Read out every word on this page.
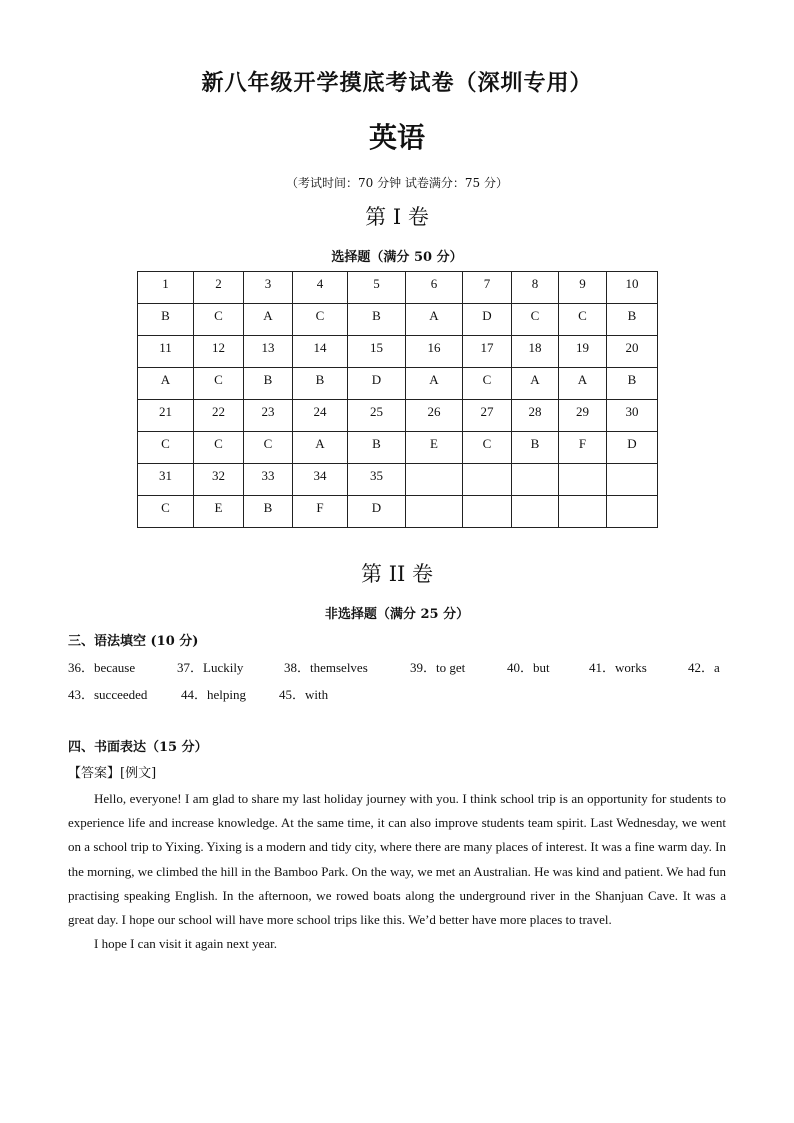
新八年级开学摸底考试卷（深圳专用）
英语
（考试时间：70 分钟 试卷满分：75 分）
第 I 卷
选择题（满分 50 分）
1	2	3	4	5	6	7	8	9	10
B	C	A	C	B	A	D	C	C	B
11	12	13	14	15	16	17	18	19	20
A	C	B	B	D	A	C	A	A	B
21	22	23	24	25	26	27	28	29	30
C	C	C	A	B	E	C	B	F	D
31	32	33	34	35					
C	E	B	F	D					
第 II 卷
非选择题（满分 25 分）
三、语法填空 (10 分)
36．because	37．Luckily	38．themselves	39．to get	40．but	41．works	42．a
43．succeeded	44．helping	45．with
四、书面表达（15 分）
【答案】[例文]

Hello, everyone! I am glad to share my last holiday journey with you. I think school trip is an opportunity for students to experience life and increase knowledge. At the same time, it can also improve students team spirit. Last Wednesday, we went on a school trip to Yixing. Yixing is a modern and tidy city, where there are many places of interest. It was a fine warm day. In the morning, we climbed the hill in the Bamboo Park. On the way, we met an Australian. He was kind and patient. We had fun practising speaking English. In the afternoon, we rowed boats along the underground river in the Shanjuan Cave. It was a great day. I hope our school will have more school trips like this. We’d better have more places to travel.

I hope I can visit it again next year.
